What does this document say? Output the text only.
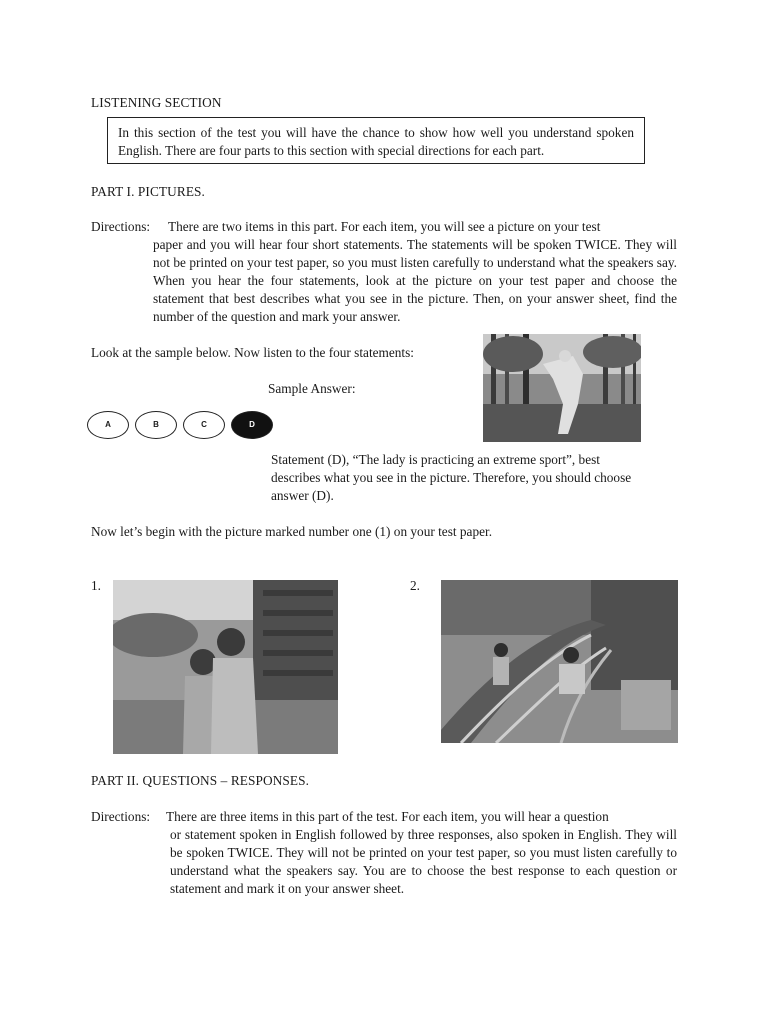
LISTENING SECTION
In this section of the test you will have the chance to show how well you understand spoken English. There are four parts to this section with special directions for each part.
PART I. PICTURES.
Directions: There are two items in this part. For each item, you will see a picture on your test
paper and you will hear four short statements. The statements will be spoken TWICE. They will not be printed on your test paper, so you must listen carefully to understand what the speakers say. When you hear the four statements, look at the picture on your test paper and choose the statement that best describes what you see in the picture. Then, on your answer sheet, find the number of the question and mark your answer.
Look at the sample below. Now listen to the four statements:
Sample Answer:
A	B	C	D
Statement (D), “The lady is practicing an extreme sport”, best describes what you see in the picture. Therefore, you should choose answer (D).
Now let’s begin with the picture marked number one (1) on your test paper.
1.	2.
PART II. QUESTIONS – RESPONSES.
Directions: There are three items in this part of the test. For each item, you will hear a question
or statement spoken in English followed by three responses, also spoken in English. They will be spoken TWICE. They will not be printed on your test paper, so you must listen carefully to understand what the speakers say. You are to choose the best response to each question or statement and mark it on your answer sheet.
